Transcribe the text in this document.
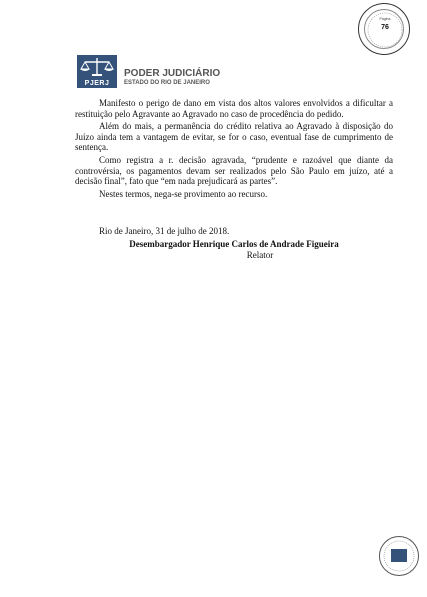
Página
76
PJERJ
PODER JUDICIÁRIO
ESTADO DO RIO DE JANEIRO

Manifesto o perigo de dano em vista dos altos valores envolvidos a dificultar a restituição pelo Agravante ao Agravado no caso de procedência do pedido.

Além do mais, a permanência do crédito relativa ao Agravado à disposição do Juízo ainda tem a vantagem de evitar, se for o caso, eventual fase de cumprimento de sentença.

Como registra a r. decisão agravada, “prudente e razoável que diante da controvérsia, os pagamentos devam ser realizados pelo São Paulo em juízo, até a decisão final”, fato que “em nada prejudicará as partes”.

Nestes termos, nega-se provimento ao recurso.

Rio de Janeiro, 31 de julho de 2018.
Desembargador Henrique Carlos de Andrade Figueira
Relator
